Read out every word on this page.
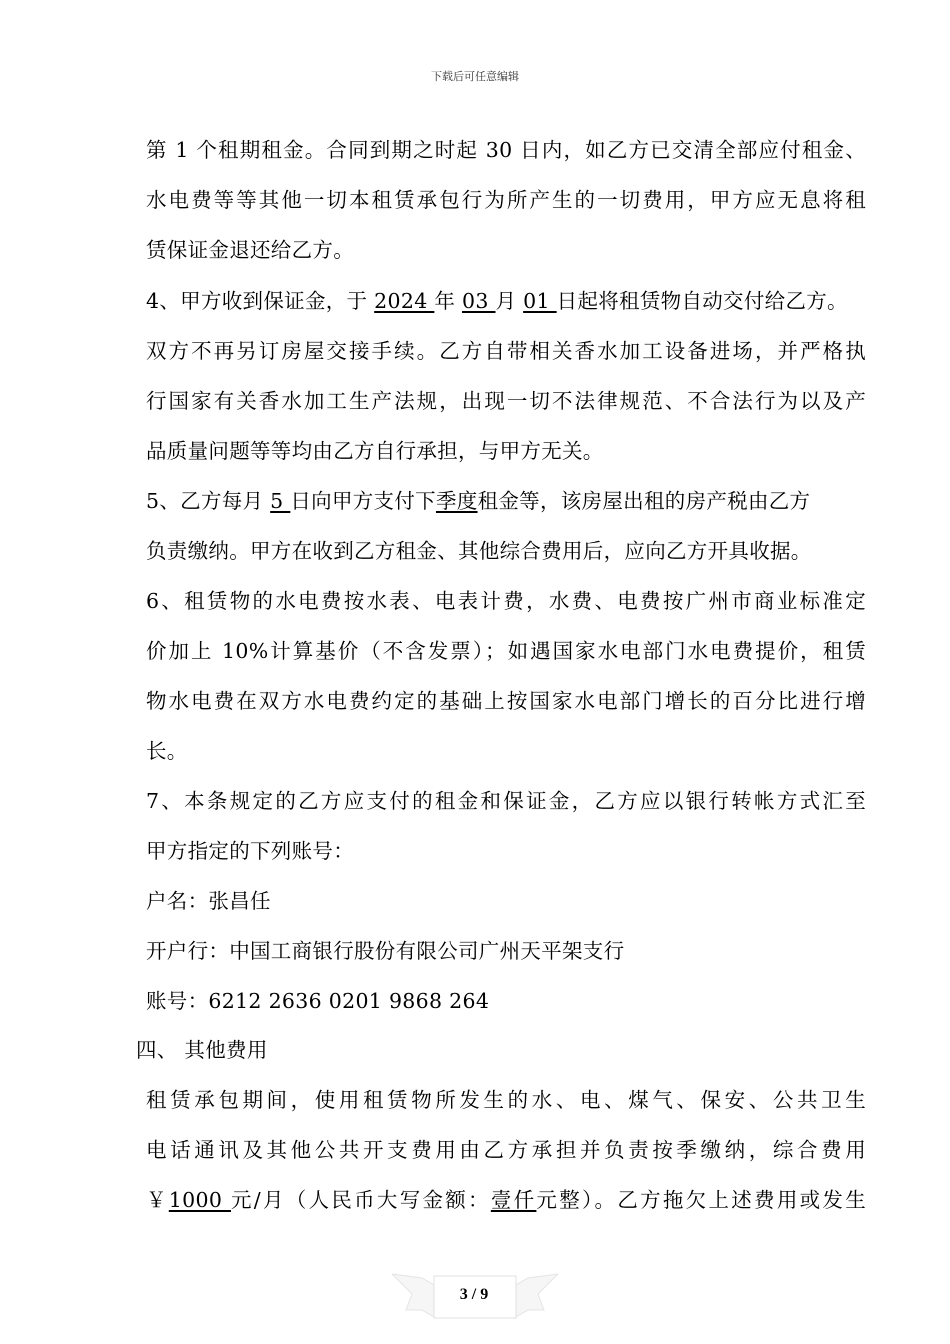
下载后可任意编辑
第 1 个租期租金。合同到期之时起 30 日内，如乙方已交清全部应付租金、
水电费等等其他一切本租赁承包行为所产生的一切费用，甲方应无息将租
赁保证金退还给乙方。
4、甲方收到保证金，于 2024 年 03 月 01 日起将租赁物自动交付给乙方。
双方不再另订房屋交接手续。乙方自带相关香水加工设备进场，并严格执
行国家有关香水加工生产法规，出现一切不法律规范、不合法行为以及产
品质量问题等等均由乙方自行承担，与甲方无关。
5、乙方每月 5 日向甲方支付下季度租金等，该房屋出租的房产税由乙方
负责缴纳。甲方在收到乙方租金、其他综合费用后，应向乙方开具收据。
6、租赁物的水电费按水表、电表计费，水费、电费按广州市商业标准定
价加上 10%计算基价（不含发票）；如遇国家水电部门水电费提价，租赁
物水电费在双方水电费约定的基础上按国家水电部门增长的百分比进行增
长。
7、本条规定的乙方应支付的租金和保证金，乙方应以银行转帐方式汇至
甲方指定的下列账号：
户名：张昌任
开户行：中国工商银行股份有限公司广州天平架支行
账号：6212 2636 0201 9868 264
四、 其他费用
租赁承包期间，使用租赁物所发生的水、电、煤气、保安、公共卫生
电话通讯及其他公共开支费用由乙方承担并负责按季缴纳，综合费用
￥1000 元/月（人民币大写金额：壹仟元整）。乙方拖欠上述费用或发生
3 / 9
